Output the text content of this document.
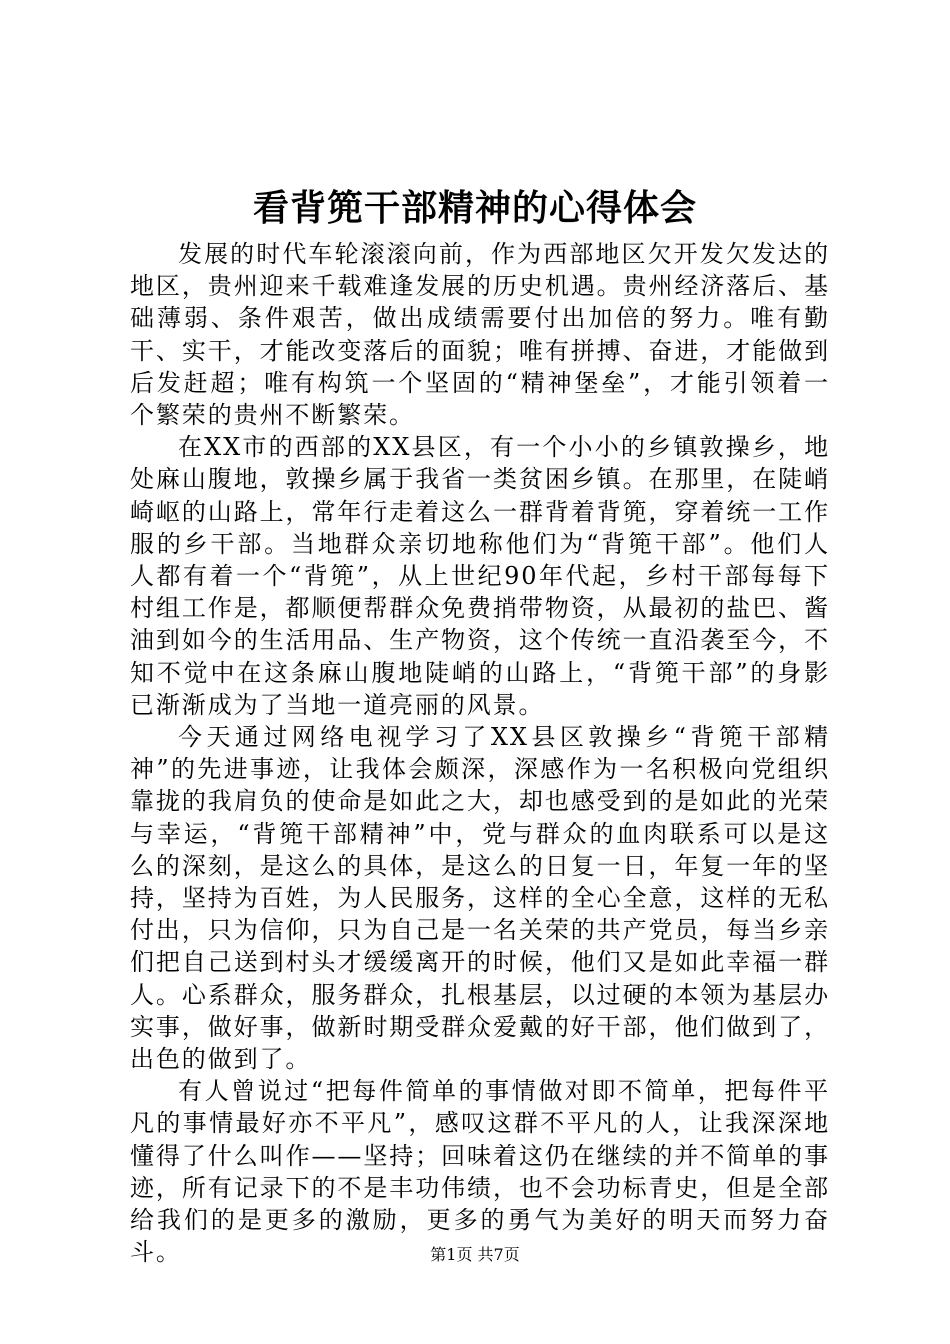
看背篼干部精神的心得体会

发展的时代车轮滚滚向前，作为西部地区欠开发欠发达的地区，贵州迎来千载难逢发展的历史机遇。贵州经济落后、基础薄弱、条件艰苦，做出成绩需要付出加倍的努力。唯有勤干、实干，才能改变落后的面貌；唯有拼搏、奋进，才能做到后发赶超；唯有构筑一个坚固的“精神堡垒”，才能引领着一个繁荣的贵州不断繁荣。

在XX市的西部的XX县区，有一个小小的乡镇敦操乡，地处麻山腹地，敦操乡属于我省一类贫困乡镇。在那里，在陡峭崎岖的山路上，常年行走着这么一群背着背篼，穿着统一工作服的乡干部。当地群众亲切地称他们为“背篼干部”。他们人人都有着一个“背篼”，从上世纪90年代起，乡村干部每每下村组工作是，都顺便帮群众免费捎带物资，从最初的盐巴、酱油到如今的生活用品、生产物资，这个传统一直沿袭至今，不知不觉中在这条麻山腹地陡峭的山路上，“背篼干部”的身影已渐渐成为了当地一道亮丽的风景。

今天通过网络电视学习了XX县区敦操乡“背篼干部精神”的先进事迹，让我体会颇深，深感作为一名积极向党组织靠拢的我肩负的使命是如此之大，却也感受到的是如此的光荣与幸运，“背篼干部精神”中，党与群众的血肉联系可以是这么的深刻，是这么的具体，是这么的日复一日，年复一年的坚持，坚持为百姓，为人民服务，这样的全心全意，这样的无私付出，只为信仰，只为自己是一名关荣的共产党员，每当乡亲们把自己送到村头才缓缓离开的时候，他们又是如此幸福一群人。心系群众，服务群众，扎根基层，以过硬的本领为基层办实事，做好事，做新时期受群众爱戴的好干部，他们做到了，出色的做到了。

有人曾说过“把每件简单的事情做对即不简单，把每件平凡的事情最好亦不平凡”，感叹这群不平凡的人，让我深深地懂得了什么叫作——坚持；回味着这仍在继续的并不简单的事迹，所有记录下的不是丰功伟绩，也不会功标青史，但是全部给我们的是更多的激励，更多的勇气为美好的明天而努力奋斗。	第1页 共7页
